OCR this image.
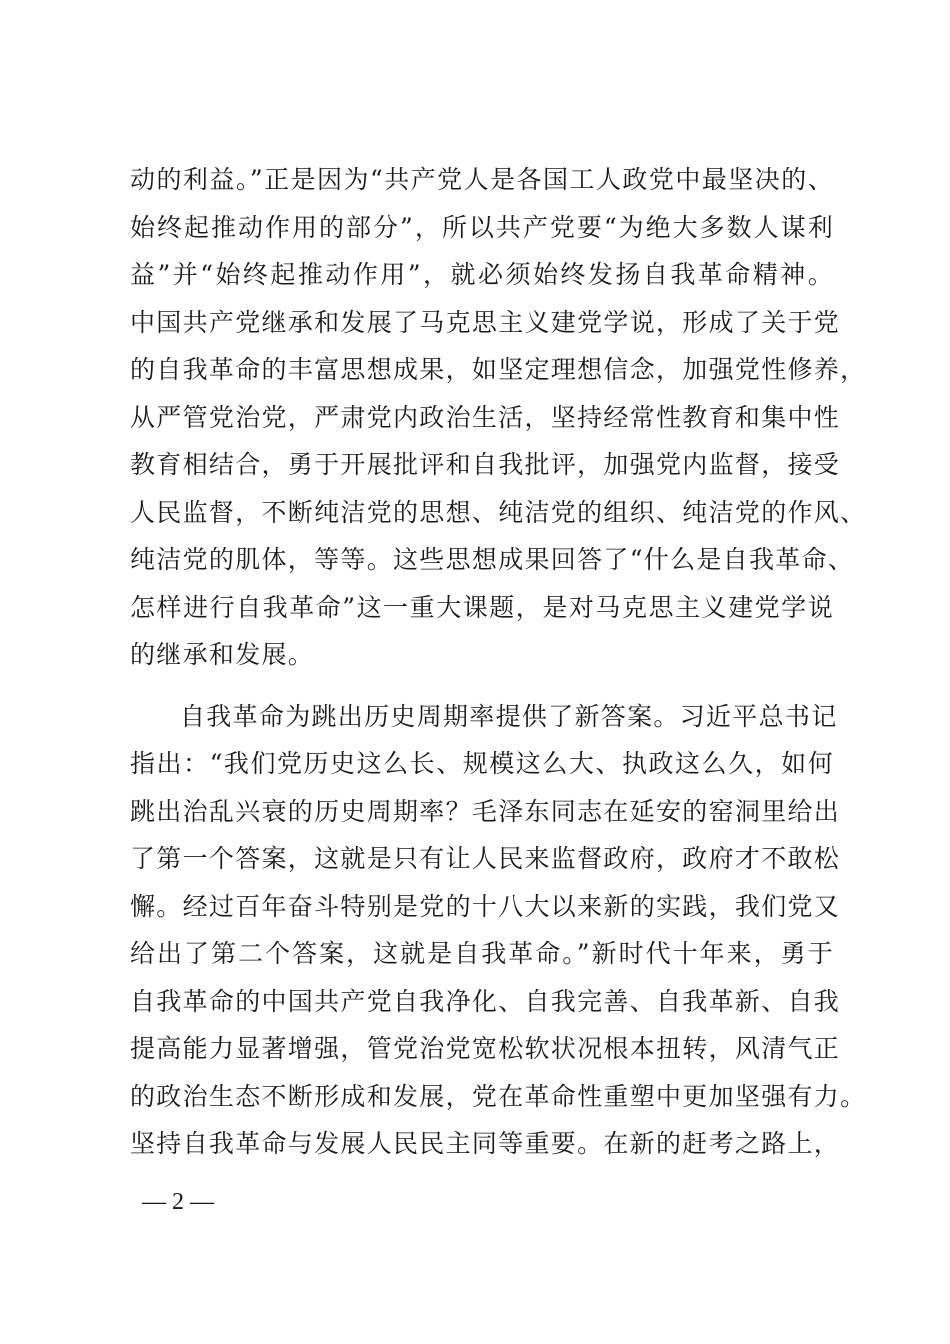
动的利益。”正是因为“共产党人是各国工人政党中最坚决的、
始终起推动作用的部分”，所以共产党要“为绝大多数人谋利
益”并“始终起推动作用”，就必须始终发扬自我革命精神。
中国共产党继承和发展了马克思主义建党学说，形成了关于党
的自我革命的丰富思想成果，如坚定理想信念，加强党性修养，
从严管党治党，严肃党内政治生活，坚持经常性教育和集中性
教育相结合，勇于开展批评和自我批评，加强党内监督，接受
人民监督，不断纯洁党的思想、纯洁党的组织、纯洁党的作风、
纯洁党的肌体，等等。这些思想成果回答了“什么是自我革命、
怎样进行自我革命”这一重大课题，是对马克思主义建党学说
的继承和发展。
自我革命为跳出历史周期率提供了新答案。习近平总书记
指出：“我们党历史这么长、规模这么大、执政这么久，如何
跳出治乱兴衰的历史周期率？毛泽东同志在延安的窑洞里给出
了第一个答案，这就是只有让人民来监督政府，政府才不敢松
懈。经过百年奋斗特别是党的十八大以来新的实践，我们党又
给出了第二个答案，这就是自我革命。”新时代十年来，勇于
自我革命的中国共产党自我净化、自我完善、自我革新、自我
提高能力显著增强，管党治党宽松软状况根本扭转，风清气正
的政治生态不断形成和发展，党在革命性重塑中更加坚强有力。
坚持自我革命与发展人民民主同等重要。在新的赶考之路上，
— 2 —
